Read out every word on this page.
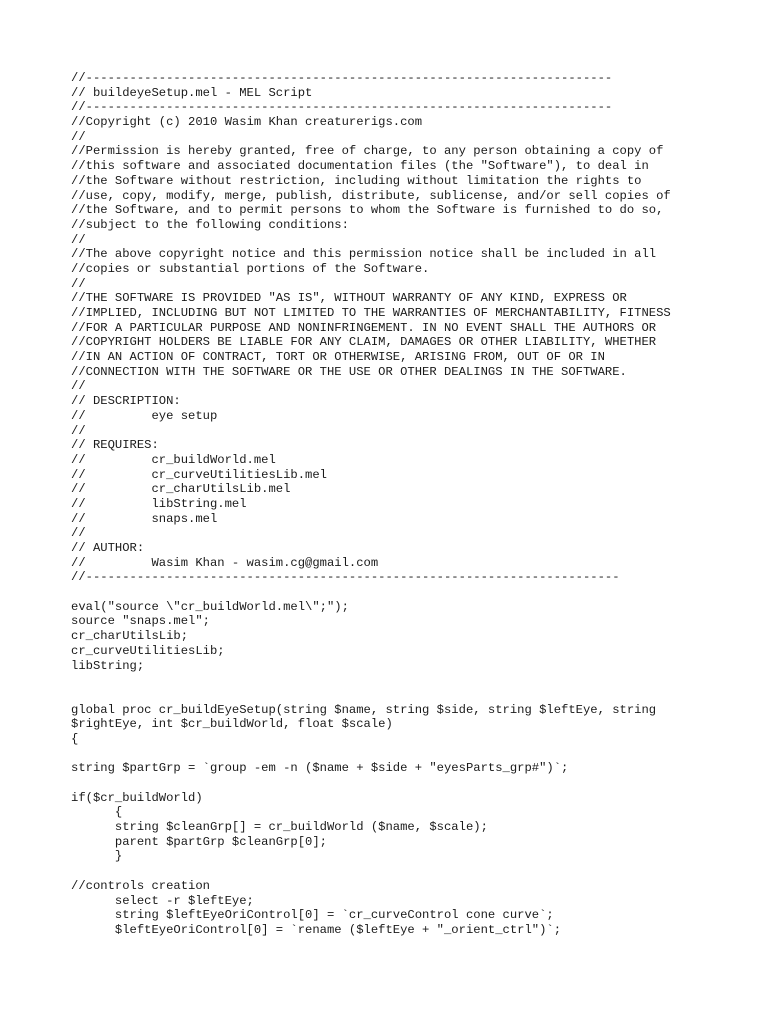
//------------------------------------------------------------------------
// buildeyeSetup.mel - MEL Script
//------------------------------------------------------------------------
//Copyright (c) 2010 Wasim Khan creaturerigs.com
//
//Permission is hereby granted, free of charge, to any person obtaining a copy of
//this software and associated documentation files (the "Software"), to deal in
//the Software without restriction, including without limitation the rights to
//use, copy, modify, merge, publish, distribute, sublicense, and/or sell copies of
//the Software, and to permit persons to whom the Software is furnished to do so,
//subject to the following conditions:
//
//The above copyright notice and this permission notice shall be included in all
//copies or substantial portions of the Software.
//
//THE SOFTWARE IS PROVIDED "AS IS", WITHOUT WARRANTY OF ANY KIND, EXPRESS OR
//IMPLIED, INCLUDING BUT NOT LIMITED TO THE WARRANTIES OF MERCHANTABILITY, FITNESS
//FOR A PARTICULAR PURPOSE AND NONINFRINGEMENT. IN NO EVENT SHALL THE AUTHORS OR
//COPYRIGHT HOLDERS BE LIABLE FOR ANY CLAIM, DAMAGES OR OTHER LIABILITY, WHETHER
//IN AN ACTION OF CONTRACT, TORT OR OTHERWISE, ARISING FROM, OUT OF OR IN
//CONNECTION WITH THE SOFTWARE OR THE USE OR OTHER DEALINGS IN THE SOFTWARE.
//
// DESCRIPTION:
//         eye setup
//
// REQUIRES:
//         cr_buildWorld.mel
//         cr_curveUtilitiesLib.mel
//         cr_charUtilsLib.mel
//         libString.mel
//         snaps.mel
//
// AUTHOR:
//         Wasim Khan - wasim.cg@gmail.com
//-------------------------------------------------------------------------
eval("source \"cr_buildWorld.mel\";");
source "snaps.mel";
cr_charUtilsLib;
cr_curveUtilitiesLib;
libString;
global proc cr_buildEyeSetup(string $name, string $side, string $leftEye, string
$rightEye, int $cr_buildWorld, float $scale)
{
string $partGrp = `group -em -n ($name + $side + "eyesParts_grp#")`;
if($cr_buildWorld)
{
string $cleanGrp[] = cr_buildWorld ($name, $scale);
parent $partGrp $cleanGrp[0];
}
//controls creation
select -r $leftEye;
string $leftEyeOriControl[0] = `cr_curveControl cone curve`;
$leftEyeOriControl[0] = `rename ($leftEye + "_orient_ctrl")`;
